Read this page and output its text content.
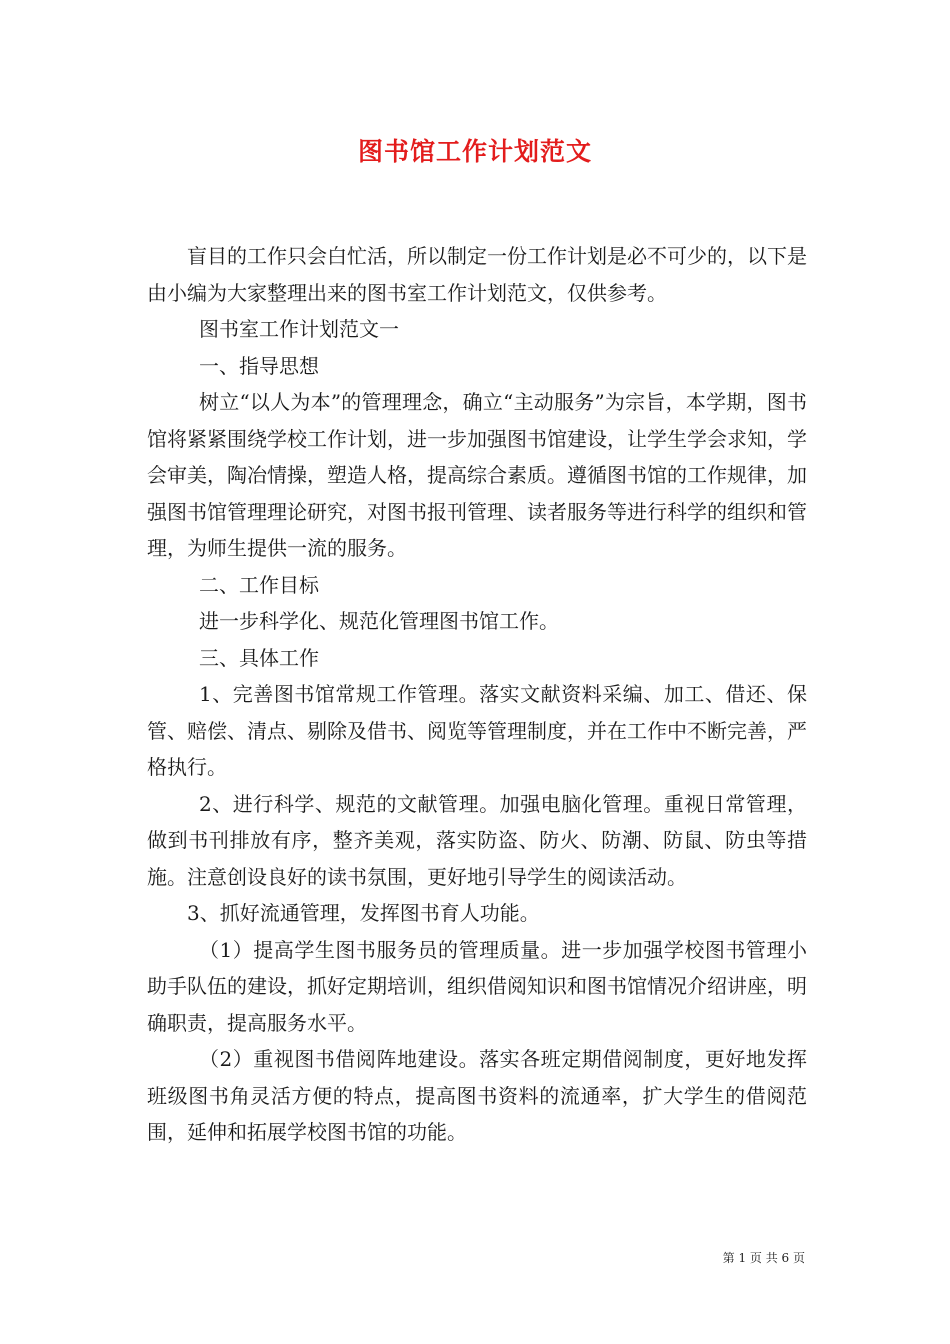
图书馆工作计划范文

盲目的工作只会白忙活，所以制定一份工作计划是必不可少的，以下是由小编为大家整理出来的图书室工作计划范文，仅供参考。

图书室工作计划范文一

一、指导思想

树立“以人为本”的管理理念，确立“主动服务”为宗旨，本学期，图书馆将紧紧围绕学校工作计划，进一步加强图书馆建设，让学生学会求知，学会审美，陶冶情操，塑造人格，提高综合素质。遵循图书馆的工作规律，加强图书馆管理理论研究，对图书报刊管理、读者服务等进行科学的组织和管理，为师生提供一流的服务。

二、工作目标

进一步科学化、规范化管理图书馆工作。

三、具体工作

1、完善图书馆常规工作管理。落实文献资料采编、加工、借还、保管、赔偿、清点、剔除及借书、阅览等管理制度，并在工作中不断完善，严格执行。

2、进行科学、规范的文献管理。加强电脑化管理。重视日常管理，做到书刊排放有序，整齐美观，落实防盗、防火、防潮、防鼠、防虫等措施。注意创设良好的读书氛围，更好地引导学生的阅读活动。

3、抓好流通管理，发挥图书育人功能。

（1）提高学生图书服务员的管理质量。进一步加强学校图书管理小助手队伍的建设，抓好定期培训，组织借阅知识和图书馆情况介绍讲座，明确职责，提高服务水平。

（2）重视图书借阅阵地建设。落实各班定期借阅制度，更好地发挥班级图书角灵活方便的特点，提高图书资料的流通率，扩大学生的借阅范围，延伸和拓展学校图书馆的功能。

第 1 页 共 6 页
